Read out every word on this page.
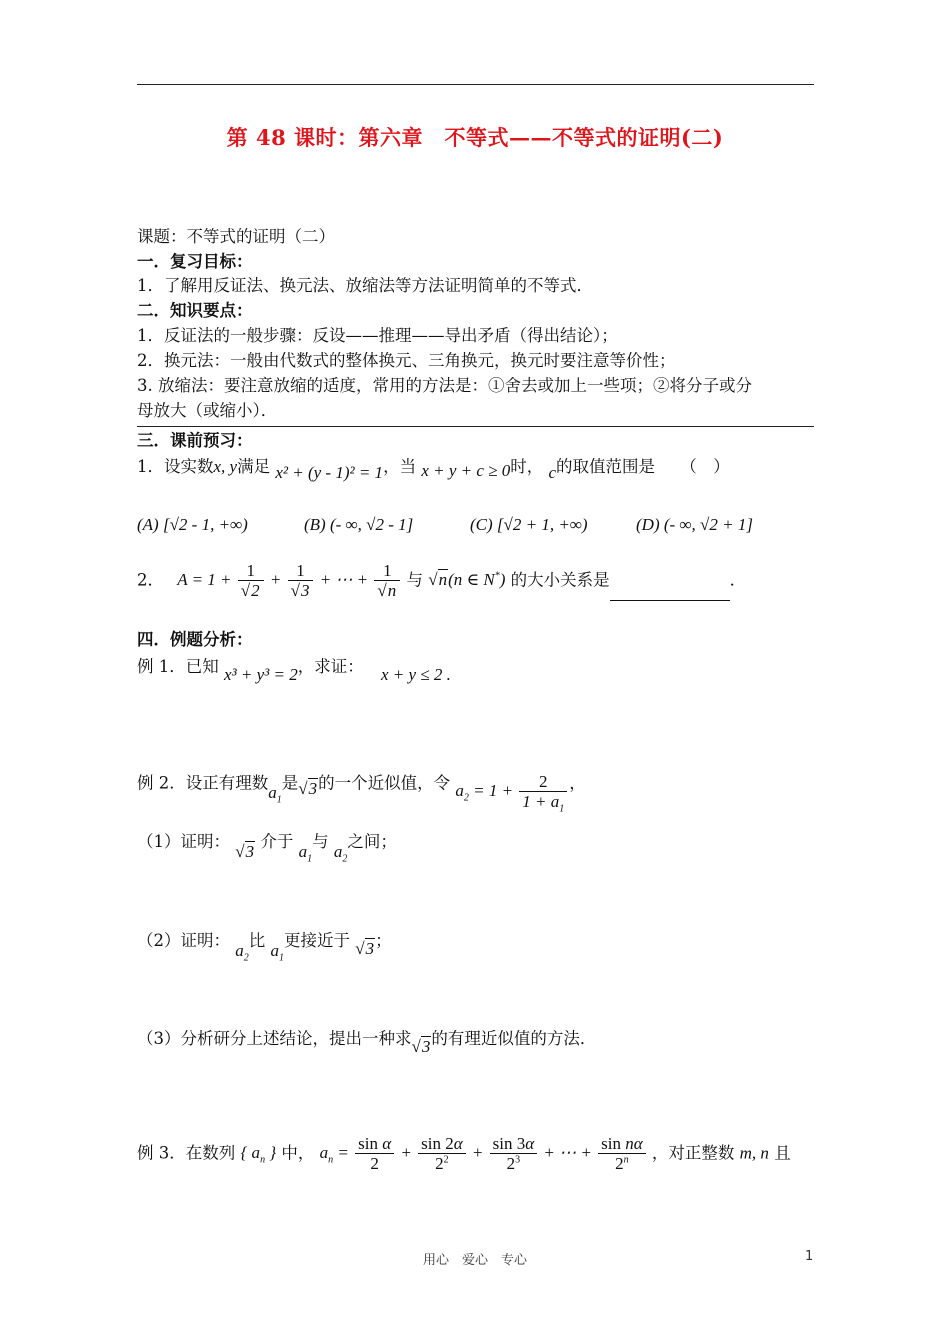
第 48 课时：第六章　不等式——不等式的证明(二)
课题：不等式的证明（二）
一．复习目标：
1．了解用反证法、换元法、放缩法等方法证明简单的不等式．
二．知识要点：
1．反证法的一般步骤：反设——推理——导出矛盾（得出结论）；
2．换元法：一般由代数式的整体换元、三角换元，换元时要注意等价性；
3. 放缩法：要注意放缩的适度，常用的方法是：①舍去或加上一些项；②将分子或分
母放大（或缩小）．
三．课前预习：
1．设实数x, y满足 x² + (y - 1)² = 1，当 x + y + c ≥ 0时， c的取值范围是 （　）
(A) [√2 - 1, +∞)	(B) (- ∞, √2 - 1]	(C) [√2 + 1, +∞)	(D) (- ∞, √2 + 1]
2． $A = 1 + \frac{1}{√2} + \frac{1}{√3}$ + ⋯ + $\frac{1}{√n}$ 与 √n(n ∈ N*) 的大小关系是	．
四．例题分析：
例 1．已知 x³ + y³ = 2，求证： x + y ≤ 2 .
例 2．设正有理数$a_1$是√3的一个近似值，令 $a_2 = 1 + \frac{2}{1 + a_1}$ ，
（1）证明： √3 介于 $a_1$与 $a_2$之间；
（2）证明： $a_2$比 $a_1$更接近于 √3；
（3）分析研分上述结论，提出一种求√3的有理近似值的方法．
例 3．在数列 { $a_n$ } 中， $a_n = \frac{\text{sin α}}{2} + \frac{\sin 2\alpha}{2^2} + \frac{\sin 3\alpha}{2^3}$ + ⋯ + $\frac{\text{sin nα}}{2^n}$ ，对正整数 m, n 且
用心　爱心　专心	1
